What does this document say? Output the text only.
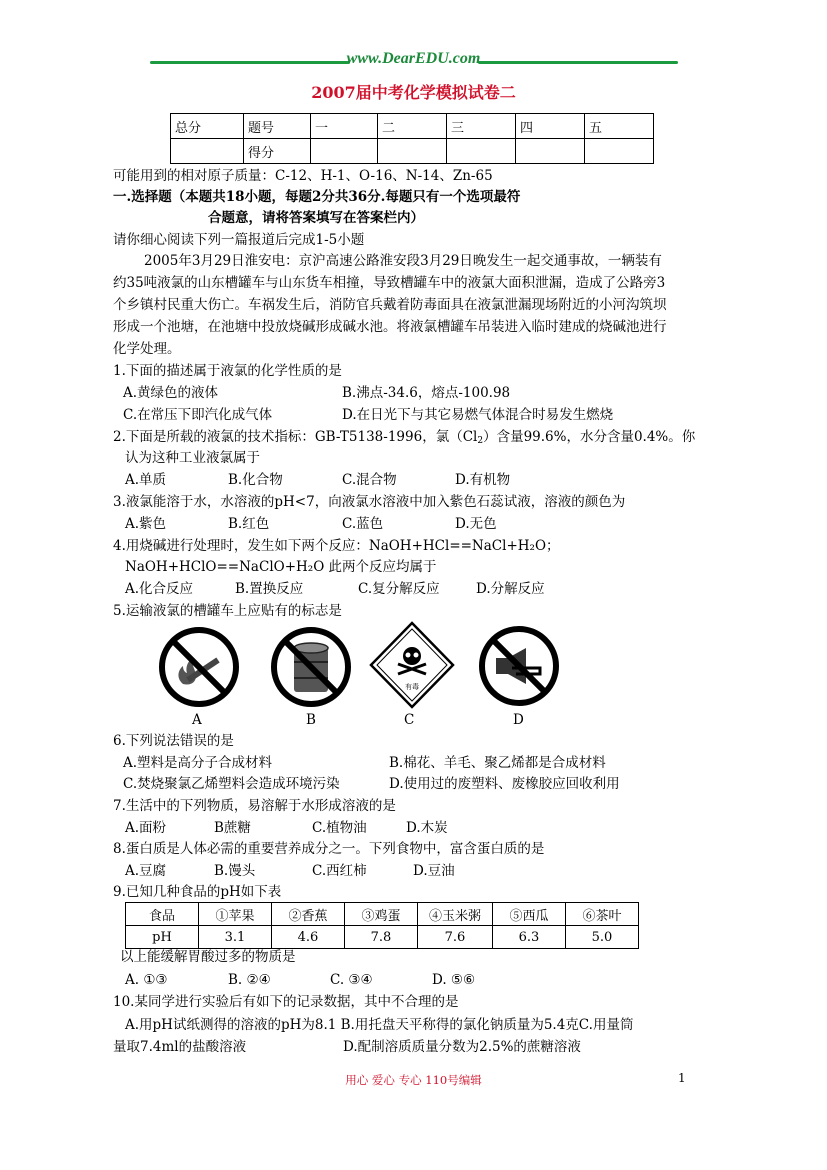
www.DearEDU.com
2007届中考化学模拟试卷二
总分	题号	一	二	三	四	五
	得分					
可能用到的相对原子质量：C-12、H-1、O-16、N-14、Zn-65
一.选择题（本题共18小题，每题2分共36分.每题只有一个选项最符
合题意，请将答案填写在答案栏内）
请你细心阅读下列一篇报道后完成1-5小题
2005年3月29日淮安电：京沪高速公路淮安段3月29日晚发生一起交通事故，一辆装有
约35吨液氯的山东槽罐车与山东货车相撞，导致槽罐车中的液氯大面积泄漏，造成了公路旁3
个乡镇村民重大伤亡。车祸发生后，消防官兵戴着防毒面具在液氯泄漏现场附近的小河沟筑坝
形成一个池塘，在池塘中投放烧碱形成碱水池。将液氯槽罐车吊装进入临时建成的烧碱池进行
化学处理。
1.下面的描述属于液氯的化学性质的是
A.黄绿色的液体	B.沸点-34.6，熔点-100.98
C.在常压下即汽化成气体	D.在日光下与其它易燃气体混合时易发生燃烧
2.下面是所载的液氯的技术指标：GB-T5138-1996，氯$(Cl_2)$含量99.6%，水分含量0.4%。你
认为这种工业液氯属于
A.单质	B.化合物	C.混合物	D.有机物
3.液氯能溶于水，水溶液的pH<7，向液氯水溶液中加入紫色石蕊试液，溶液的颜色为
A.紫色	B.红色	C.蓝色	D.无色
4.用烧碱进行处理时，发生如下两个反应：NaOH+HCl==NaCl+H₂O；
NaOH+HClO==NaClO+H₂O 此两个反应均属于
A.化合反应	B.置换反应	C.复分解反应	D.分解反应
5.运输液氯的槽罐车上应贴有的标志是
A	B
有毒
C	D
6.下列说法错误的是
A.塑料是高分子合成材料	B.棉花、羊毛、聚乙烯都是合成材料
C.焚烧聚氯乙烯塑料会造成环境污染	D.使用过的废塑料、废橡胶应回收利用
7.生活中的下列物质，易溶解于水形成溶液的是
A.面粉	B蔗糖	C.植物油	D.木炭
8.蛋白质是人体必需的重要营养成分之一。下列食物中，富含蛋白质的是
A.豆腐	B.馒头	C.西红柿	D.豆油
9.已知几种食品的pH如下表
食品	①苹果	②香蕉	③鸡蛋	④玉米粥	⑤西瓜	⑥茶叶
pH	3.1	4.6	7.8	7.6	6.3	5.0
以上能缓解胃酸过多的物质是
A. ①③	B. ②④	C. ③④	D. ⑤⑥
10.某同学进行实验后有如下的记录数据，其中不合理的是
A.用pH试纸测得的溶液的pH为8.1 B.用托盘天平称得的氯化钠质量为5.4克C.用量筒
量取7.4ml的盐酸溶液	D.配制溶质质量分数为2.5%的蔗糖溶液
用心 爱心 专心 110号编辑	1
